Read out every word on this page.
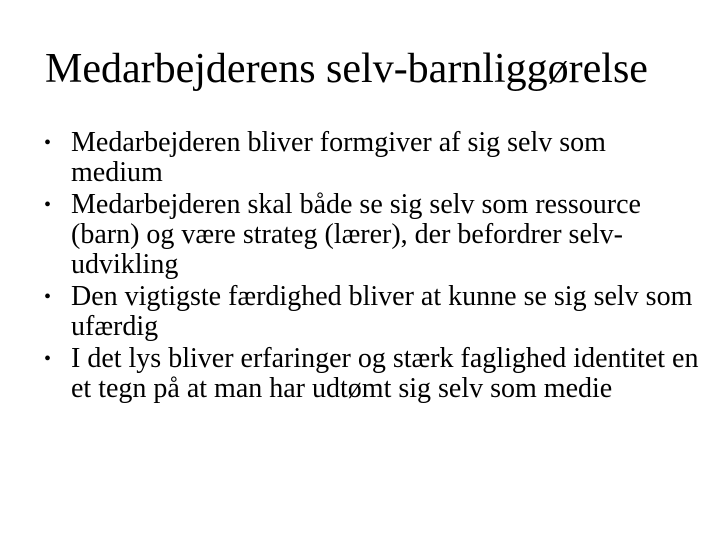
Medarbejderens selv-barnliggørelse
• Medarbejderen bliver formgiver af sig selv som medium
• Medarbejderen skal både se sig selv som ressource (barn) og være strateg (lærer), der befordrer selv-udvikling
• Den vigtigste færdighed bliver at kunne se sig selv som ufærdig
• I det lys bliver erfaringer og stærk faglighed identitet en et tegn på at man har udtømt sig selv som medie
